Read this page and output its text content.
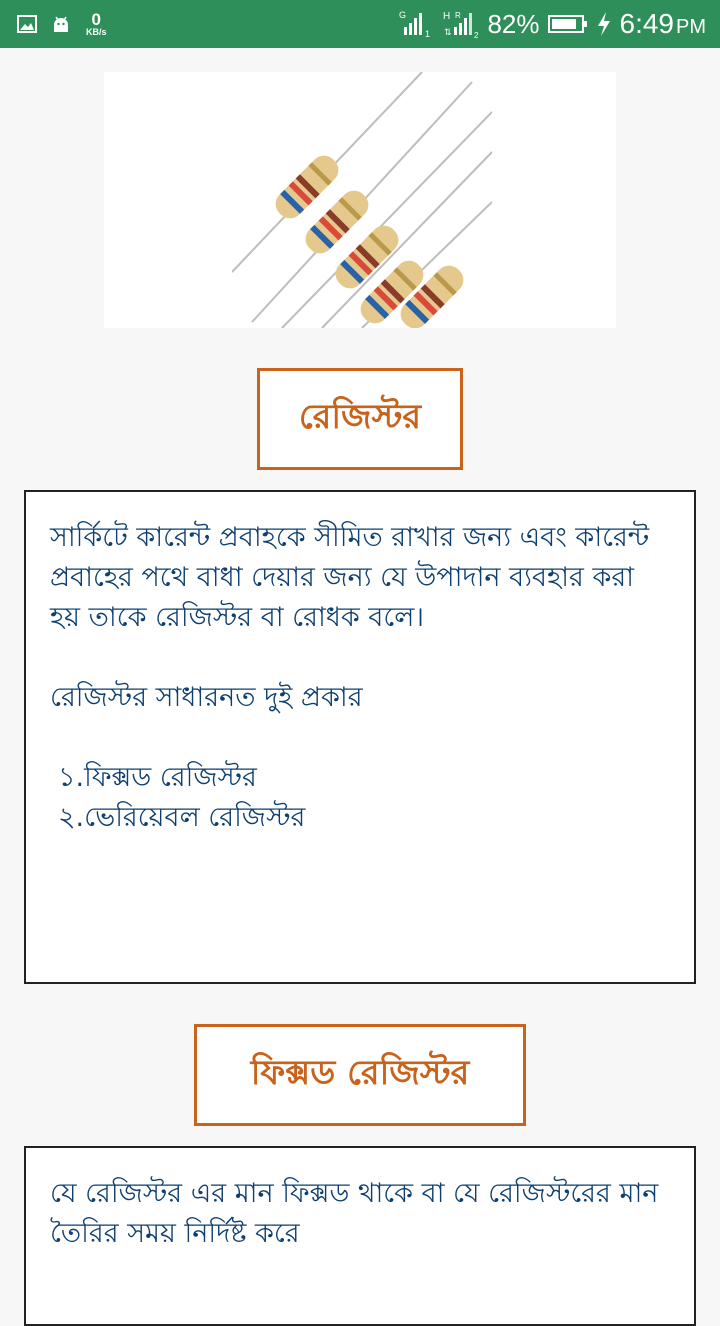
0
KB/s
G
1
H R
⇅	2 82%	6:49 PM
রেজিস্টর

সার্কিটে কারেন্ট প্রবাহকে সীমিত রাখার জন্য এবং কারেন্ট প্রবাহের পথে বাধা দেয়ার জন্য যে উপাদান ব্যবহার করা হয় তাকে রেজিস্টর বা রোধক বলে।

রেজিস্টর সাধারনত দুই প্রকার

১.ফিক্সড রেজিস্টর

২.ভেরিয়েবল রেজিস্টর

ফিক্সড রেজিস্টর

যে রেজিস্টর এর মান ফিক্সড থাকে বা যে রেজিস্টরের মান তৈরির সময় নির্দিষ্ট করে
